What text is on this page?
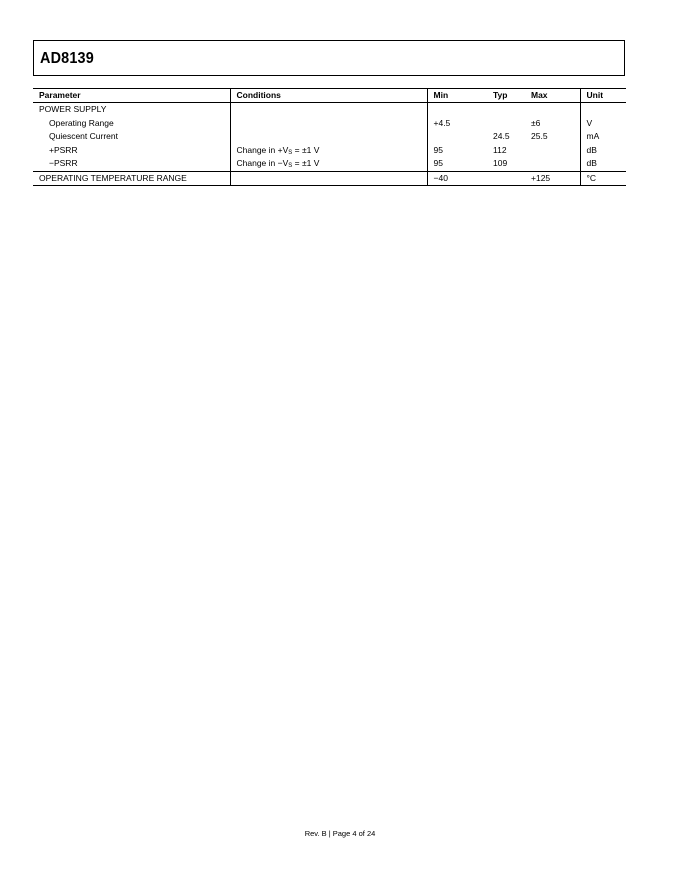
AD8139
Parameter	Conditions	Min	Typ	Max	Unit
POWER SUPPLY					
Operating Range		+4.5		±6	V
Quiescent Current			24.5	25.5	mA
+PSRR	Change in $+V_S = \pm 1$ V	95	112		dB
−PSRR	Change in $-V_S = \pm 1$ V	95	109		dB
OPERATING TEMPERATURE RANGE		−40		+125	°C
Rev. B | Page 4 of 24
